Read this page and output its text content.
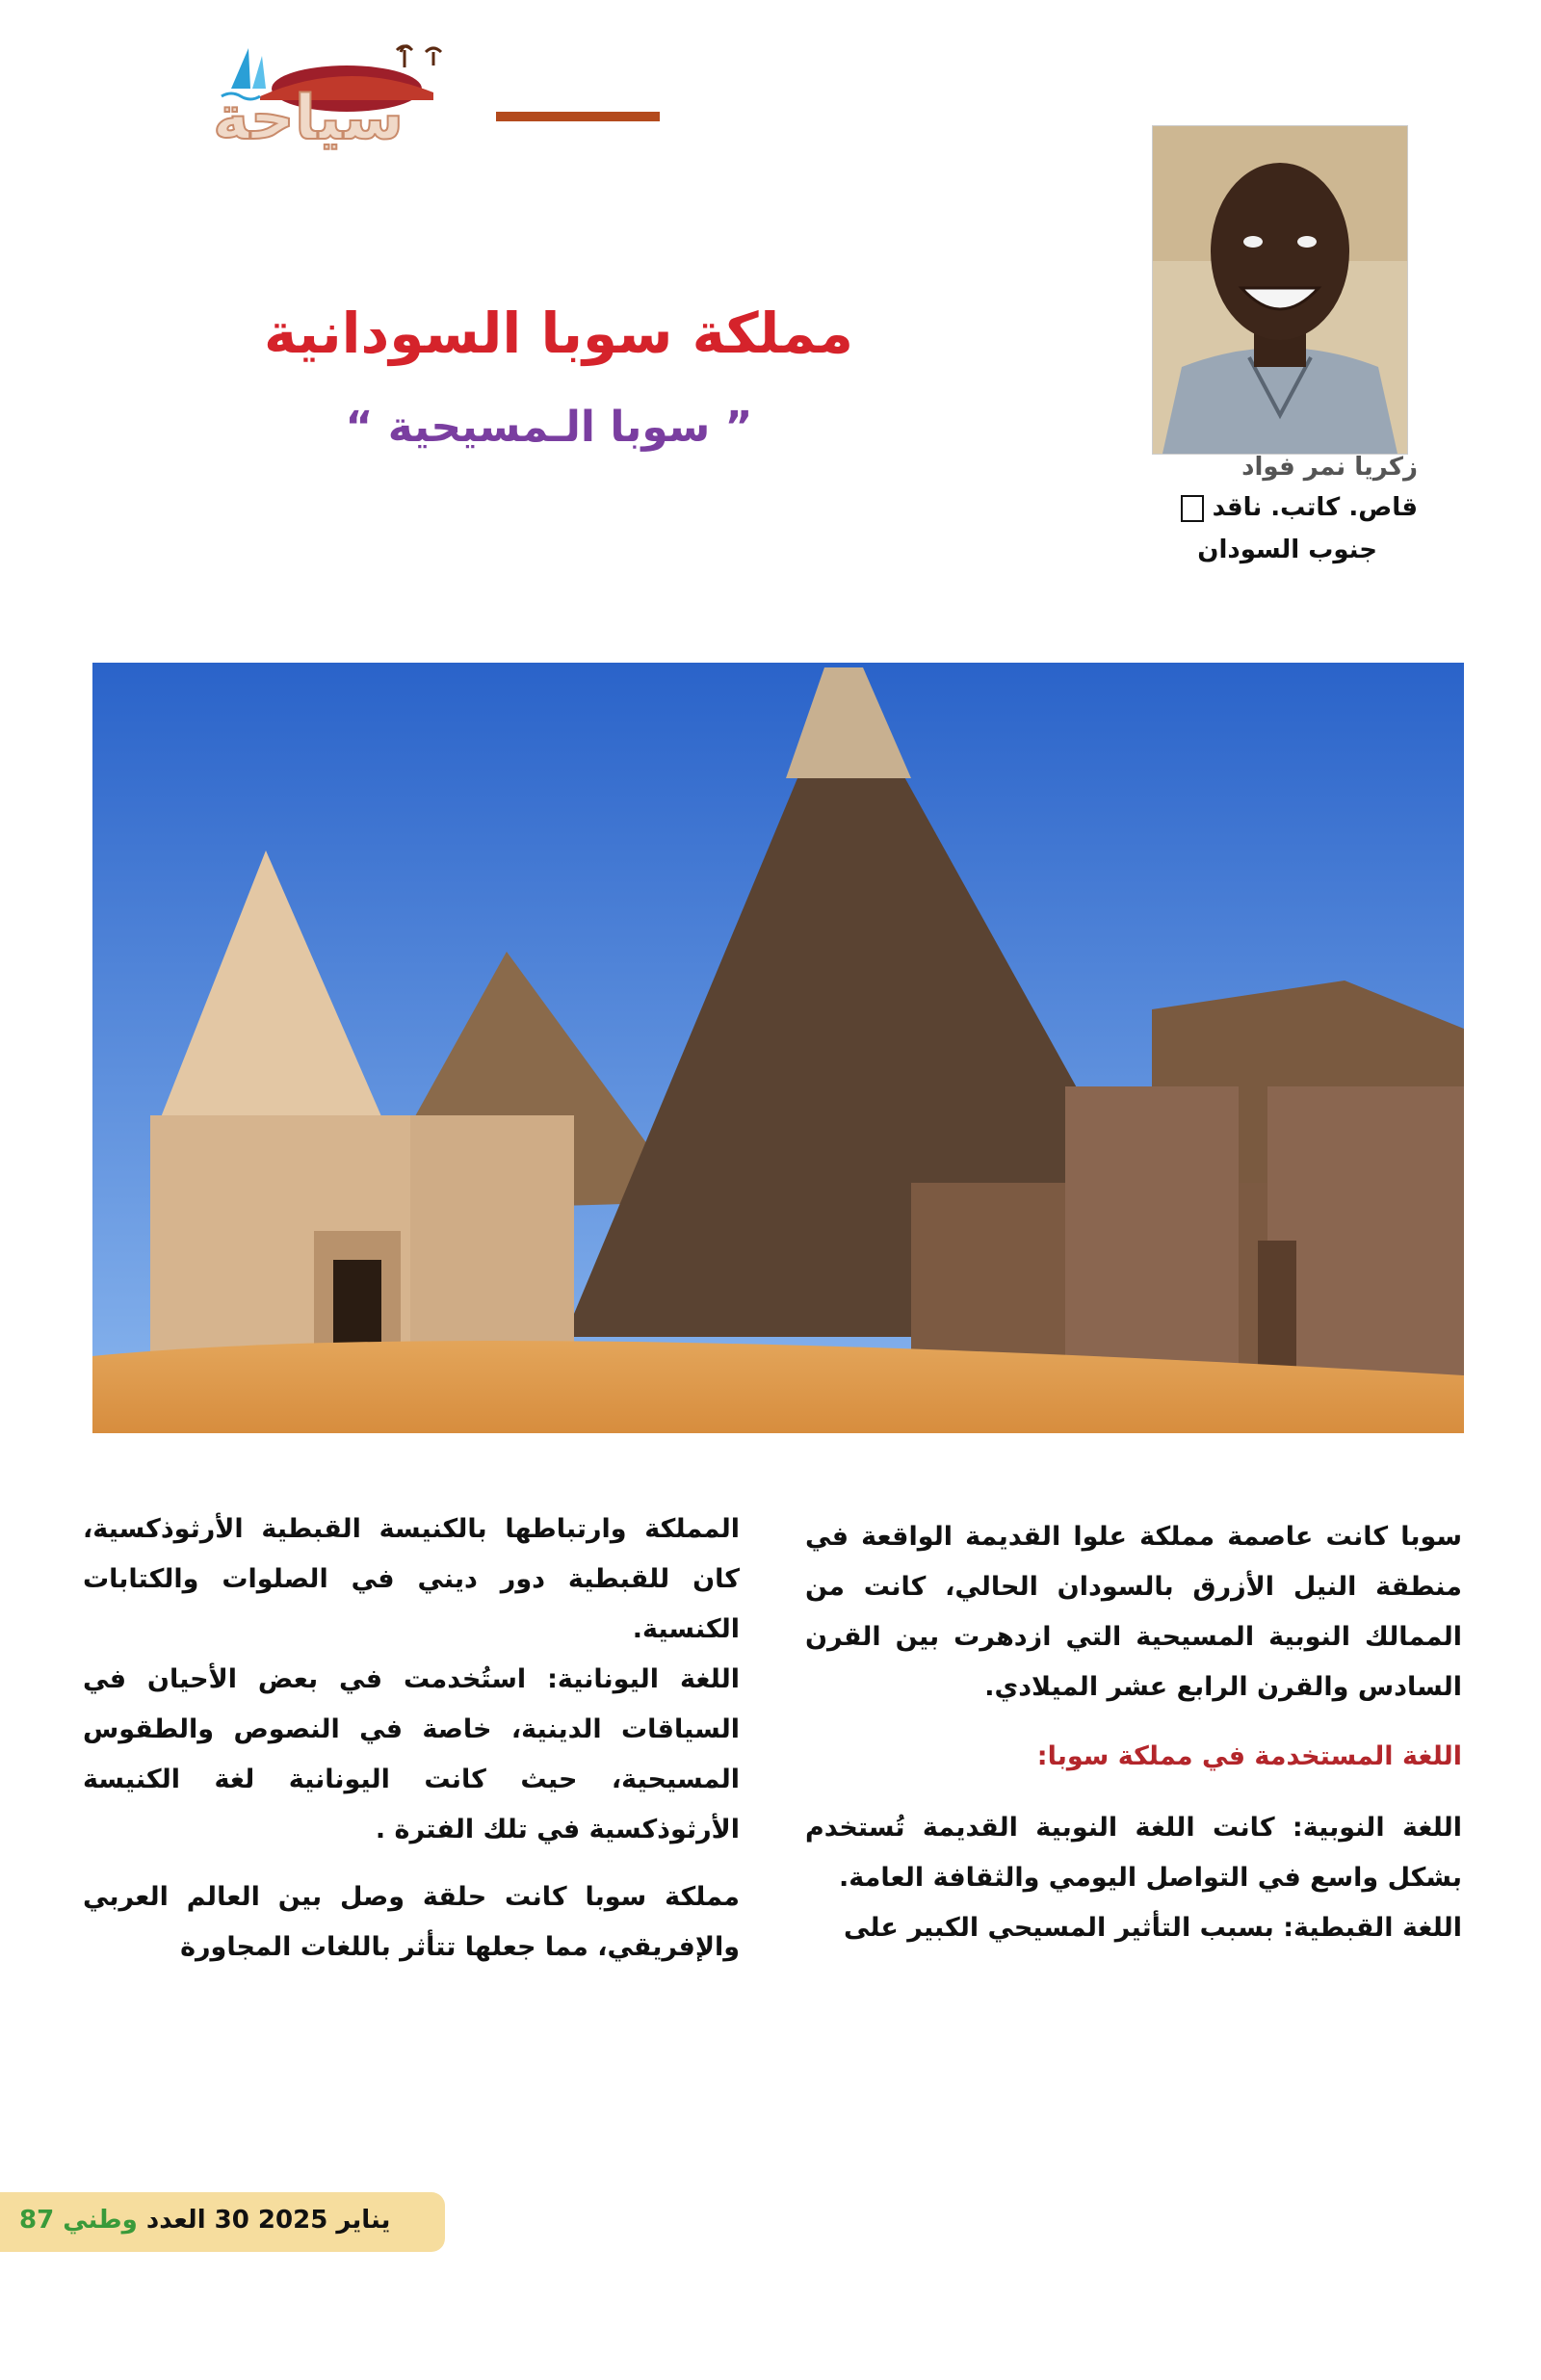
سياحة
زكريا نمر فواد
قاص. كاتب. ناقد
جنوب السودان
مملكة سوبا السودانية
” سوبا الـمسيحية “

سوبا كانت عاصمة مملكة علوا القديمة الواقعة في منطقة النيل الأزرق بالسودان الحالي، كانت من الممالك النوبية المسيحية التي ازدهرت بين القرن السادس والقرن الرابع عشر الميلادي.

اللغة المستخدمة في مملكة سوبا:

اللغة النوبية: كانت اللغة النوبية القديمة تُستخدم بشكل واسع في التواصل اليومي والثقافة العامة.

اللغة القبطية: بسبب التأثير المسيحي الكبير على

المملكة وارتباطها بالكنيسة القبطية الأرثوذكسية، كان للقبطية دور ديني في الصلوات والكتابات الكنسية.

اللغة اليونانية: استُخدمت في بعض الأحيان في السياقات الدينية، خاصة في النصوص والطقوس المسيحية، حيث كانت اليونانية لغة الكنيسة الأرثوذكسية في تلك الفترة .

مملكة سوبا كانت حلقة وصل بين العالم العربي والإفريقي، مما جعلها تتأثر باللغات المجاورة

يناير 2025 30 العدد وطني 87
